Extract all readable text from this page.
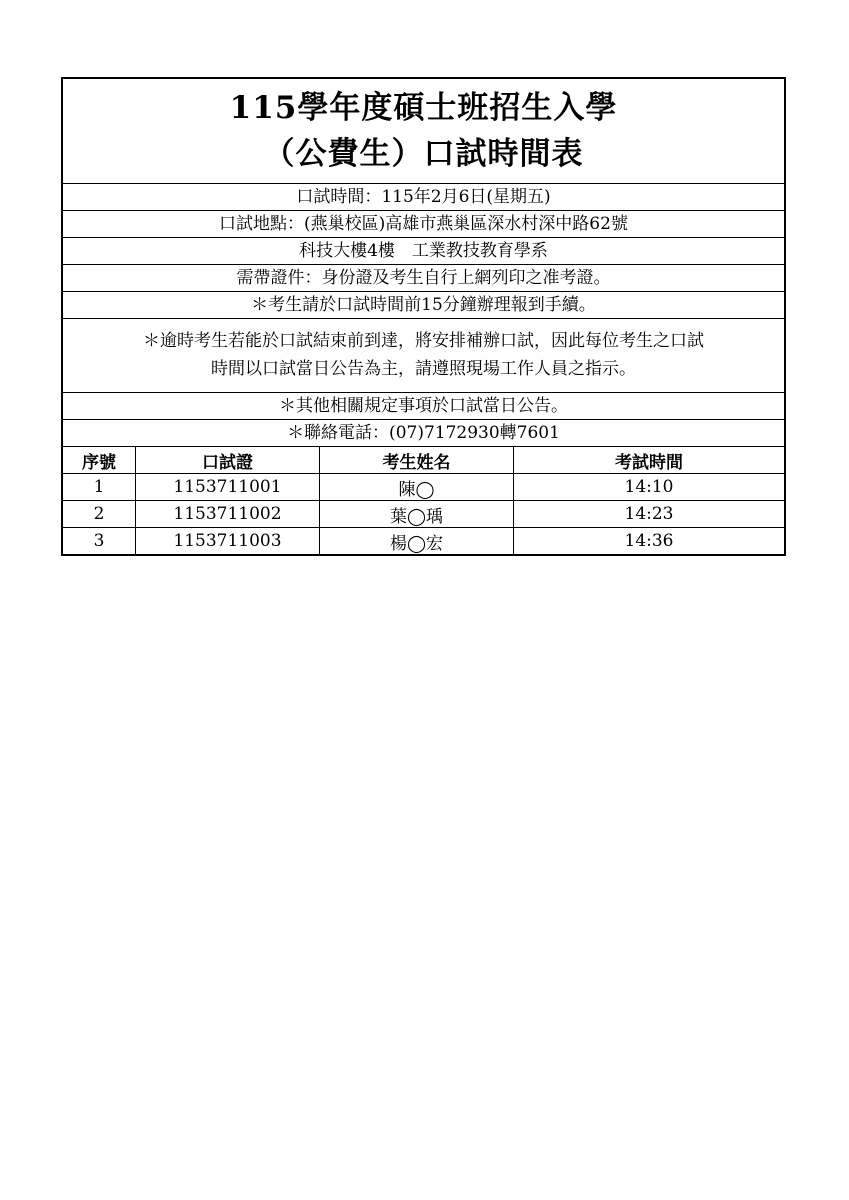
115學年度碩士班招生入學
（公費生）口試時間表
口試時間：115年2月6日(星期五)
口試地點：(燕巢校區)高雄市燕巢區深水村深中路62號
科技大樓4樓　工業教技教育學系
需帶證件：身份證及考生自行上網列印之准考證。
＊考生請於口試時間前15分鐘辦理報到手續。
＊逾時考生若能於口試結束前到達，將安排補辦口試，因此每位考生之口試
時間以口試當日公告為主，請遵照現場工作人員之指示。
＊其他相關規定事項於口試當日公告。
＊聯絡電話：(07)7172930轉7601
序號	口試證	考生姓名	考試時間
1	1153711001	陳◯	14:10
2	1153711002	葉◯瑀	14:23
3	1153711003	楊◯宏	14:36
